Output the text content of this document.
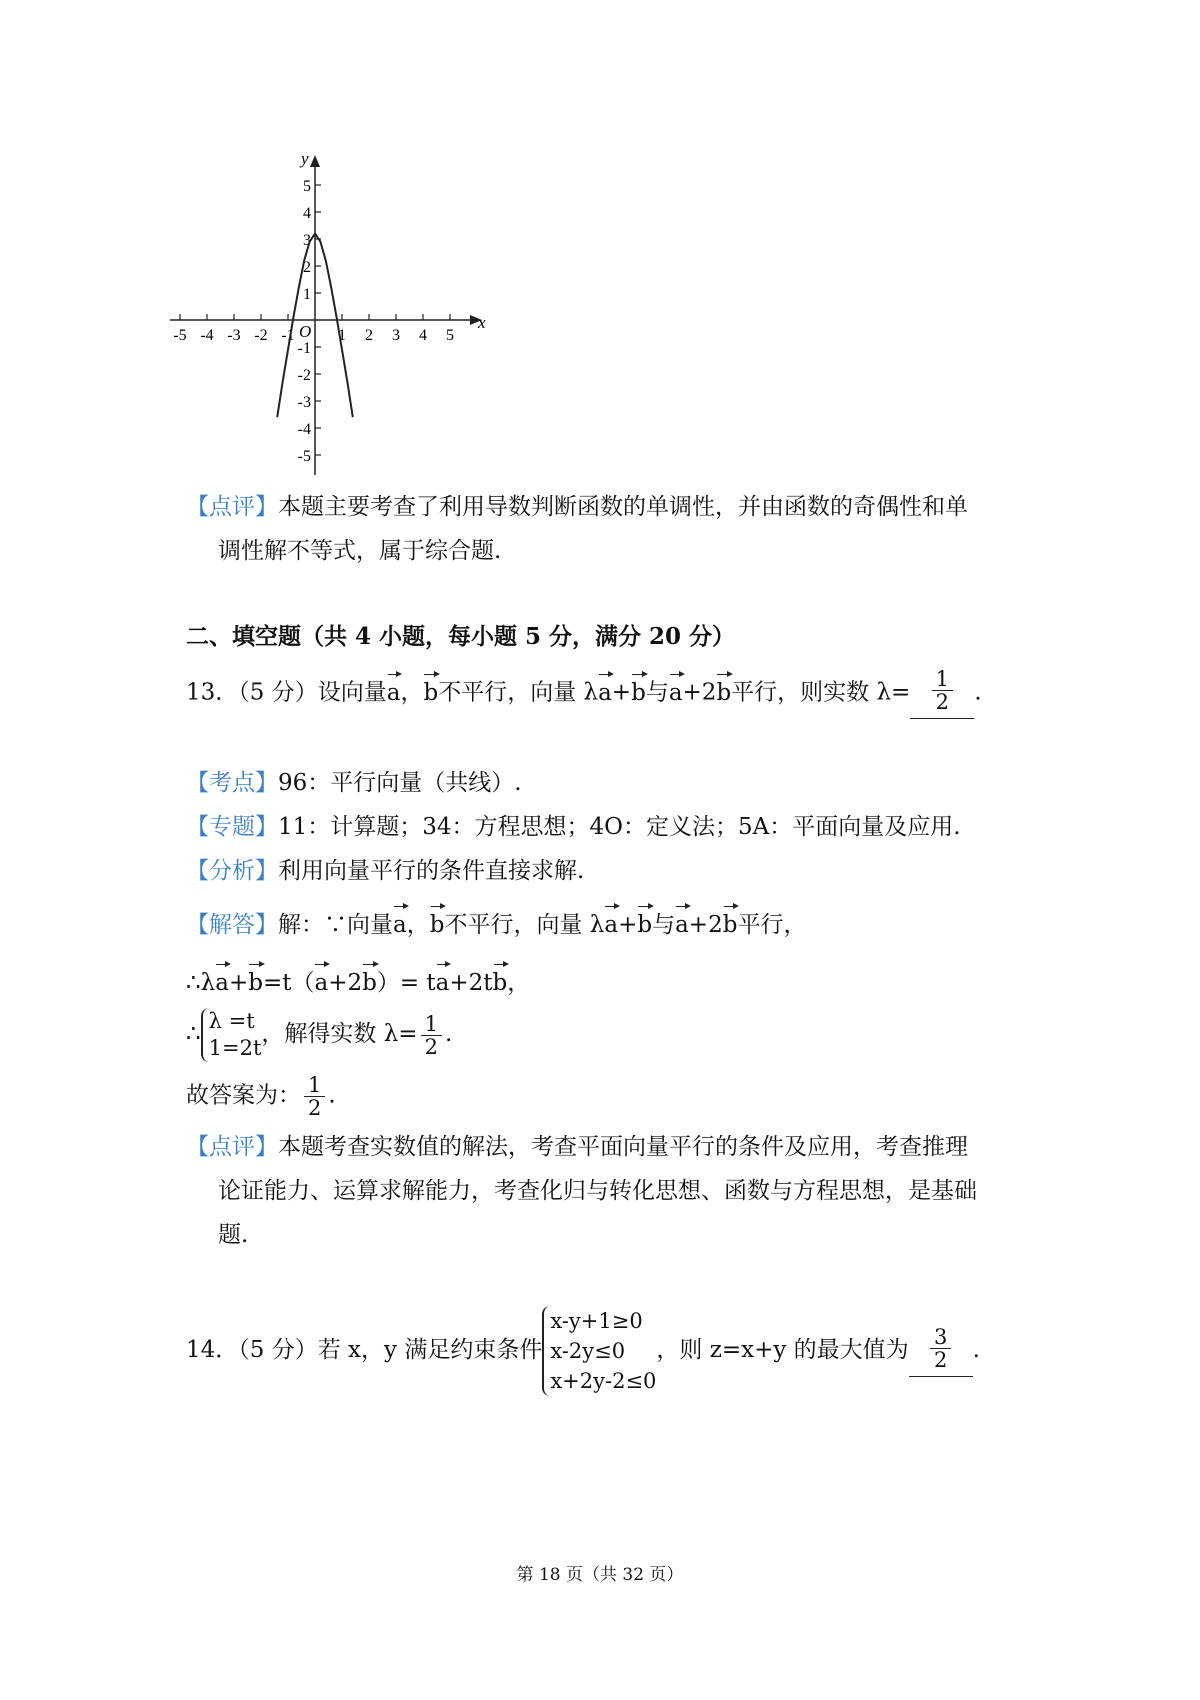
-5 -4 -3 -2 -1	1 2 3 4 5
5
4
3
2
1
-1
-2
-3
-4
-5
x
y
O
【点评】本题主要考查了利用导数判断函数的单调性，并由函数的奇偶性和单
调性解不等式，属于综合题.
二、填空题（共 4 小题，每小题 5 分，满分 20 分）
13．（5 分）设向量a，b不平行，向量 λa+b与a+2b平行，则实数 $\lambda= \frac{1}{2}$ .
【考点】96：平行向量（共线）.
【专题】11：计算题；34：方程思想；4O：定义法；5A：平面向量及应用.
【分析】利用向量平行的条件直接求解.
【解答】解：∵向量a，b不平行，向量 λa+b与a+2b平行，
∴λa+b=t（a+2b）= ta+2tb，
∴ λ =t
1=2t
，解得实数 $\lambda= \frac{1}{2}$ .
故答案为： $\frac{1}{2}$ .
【点评】本题考查实数值的解法，考查平面向量平行的条件及应用，考查推理
论证能力、运算求解能力，考查化归与转化思想、函数与方程思想，是基础
题.
14．（5 分）若 x，y 满足约束条件
x-y+1≥0
x-2y≤0
x+2y-2≤0
，则 z=x+y 的最大值为 $\frac{3}{2}$ .
第 18 页（共 32 页）
